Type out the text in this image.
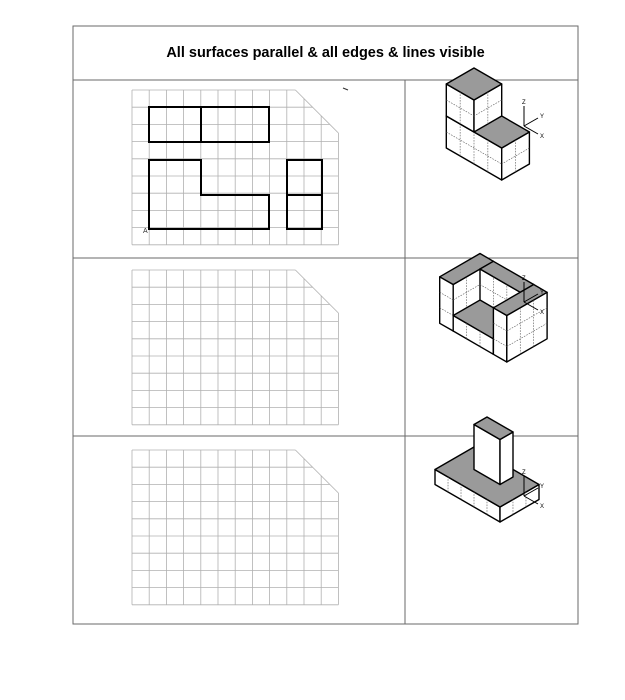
All surfaces parallel & all edges & lines visible
Z
Y
X
Z
Y
X
Z
Y
X
A
